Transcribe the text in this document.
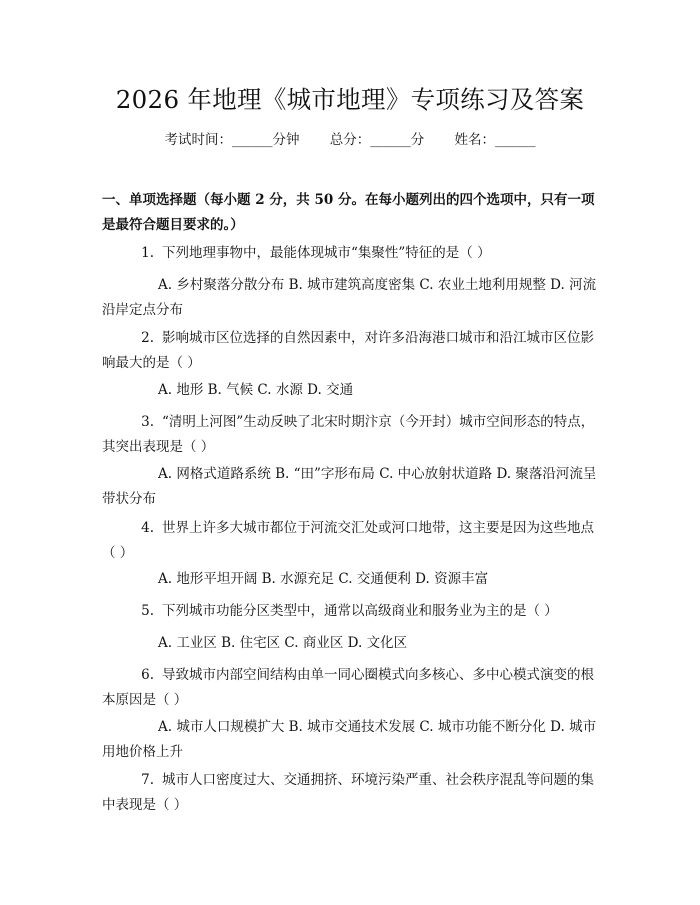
2026 年地理《城市地理》专项练习及答案
考试时间：______分钟 总分：______分 姓名：______
一、单项选择题（每小题 2 分，共 50 分。在每小题列出的四个选项中，只有一项是最符合题目要求的。）
1. 下列地理事物中，最能体现城市“集聚性”特征的是（ ）
A. 乡村聚落分散分布 B. 城市建筑高度密集 C. 农业土地利用规整 D. 河流沿岸定点分布
2. 影响城市区位选择的自然因素中，对许多沿海港口城市和沿江城市区位影响最大的是（ ）
A. 地形 B. 气候 C. 水源 D. 交通
3. “清明上河图”生动反映了北宋时期汴京（今开封）城市空间形态的特点，其突出表现是（ ）
A. 网格式道路系统 B. “田”字形布局 C. 中心放射状道路 D. 聚落沿河流呈带状分布
4. 世界上许多大城市都位于河流交汇处或河口地带，这主要是因为这些地点（ ）
A. 地形平坦开阔 B. 水源充足 C. 交通便利 D. 资源丰富
5. 下列城市功能分区类型中，通常以高级商业和服务业为主的是（ ）
A. 工业区 B. 住宅区 C. 商业区 D. 文化区
6. 导致城市内部空间结构由单一同心圈模式向多核心、多中心模式演变的根本原因是（ ）
A. 城市人口规模扩大 B. 城市交通技术发展 C. 城市功能不断分化 D. 城市用地价格上升
7. 城市人口密度过大、交通拥挤、环境污染严重、社会秩序混乱等问题的集中表现是（ ）
